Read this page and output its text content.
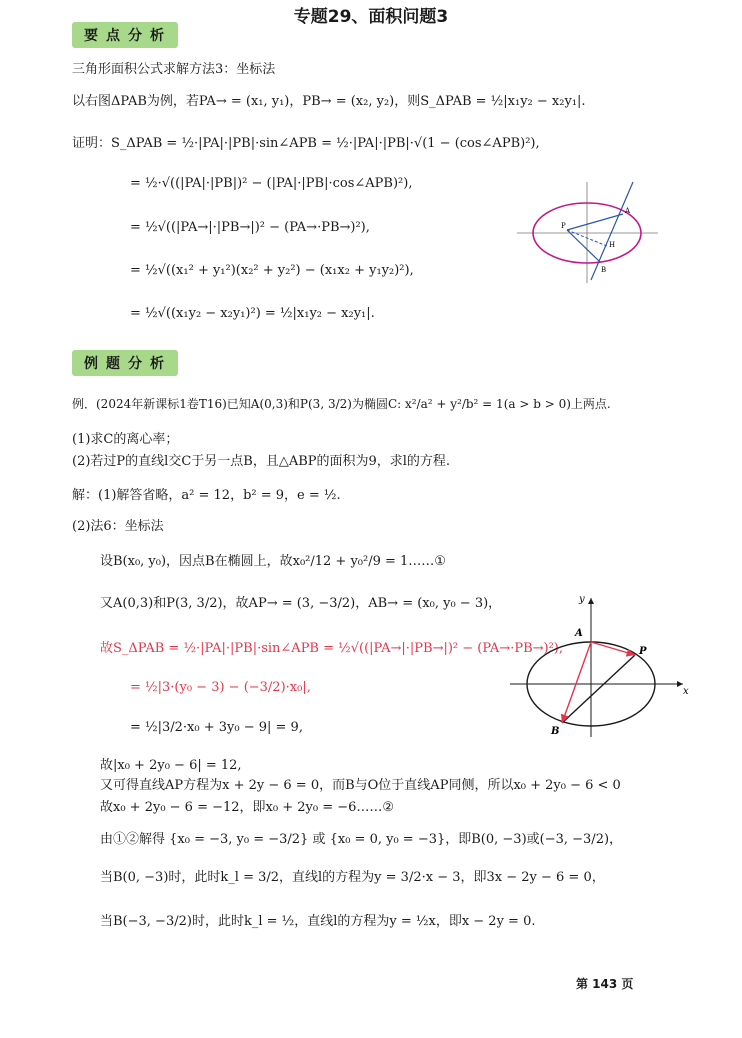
专题29、面积问题3
要点分析
三角形面积公式求解方法3：坐标法
以右图ΔPAB为例，若PA→ = (x₁, y₁)，PB→ = (x₂, y₂)，则S_ΔPAB = ½|x₁y₂ − x₂y₁|.
证明：S_ΔPAB = ½·|PA|·|PB|·sin∠APB = ½·|PA|·|PB|·√(1 − (cos∠APB)²),
= ½·√((|PA|·|PB|)² − (|PA|·|PB|·cos∠APB)²),
= ½√((|PA→|·|PB→|)² − (PA→·PB→)²),
= ½√((x₁² + y₁²)(x₂² + y₂²) − (x₁x₂ + y₁y₂)²),
= ½√((x₁y₂ − x₂y₁)²) = ½|x₁y₂ − x₂y₁|.
P
A
H
B
例题分析
例．(2024年新课标1卷T16)已知A(0,3)和P(3, 3/2)为椭圆C: x²/a² + y²/b² = 1(a > b > 0)上两点.
(1)求C的离心率；
(2)若过P的直线l交C于另一点B，且△ABP的面积为9，求l的方程.
解：(1)解答省略，a² = 12，b² = 9，e = ½.
(2)法6：坐标法
设B(x₀, y₀)，因点B在椭圆上，故x₀²/12 + y₀²/9 = 1……①
又A(0,3)和P(3, 3/2)，故AP→ = (3, −3/2)，AB→ = (x₀, y₀ − 3)，
故S_ΔPAB = ½·|PA|·|PB|·sin∠APB = ½√((|PA→|·|PB→|)² − (PA→·PB→)²),
= ½|3·(y₀ − 3) − (−3/2)·x₀|,
= ½|3/2·x₀ + 3y₀ − 9| = 9,
故|x₀ + 2y₀ − 6| = 12,
又可得直线AP方程为x + 2y − 6 = 0，而B与O位于直线AP同侧，所以x₀ + 2y₀ − 6 < 0
故x₀ + 2y₀ − 6 = −12，即x₀ + 2y₀ = −6……②
由①②解得 {x₀ = −3, y₀ = −3/2} 或 {x₀ = 0, y₀ = −3}，即B(0, −3)或(−3, −3/2)，
当B(0, −3)时，此时k_l = 3/2，直线l的方程为y = 3/2·x − 3，即3x − 2y − 6 = 0，
当B(−3, −3/2)时，此时k_l = ½，直线l的方程为y = ½x，即x − 2y = 0.
y
x
A
P
B
第 143 页
